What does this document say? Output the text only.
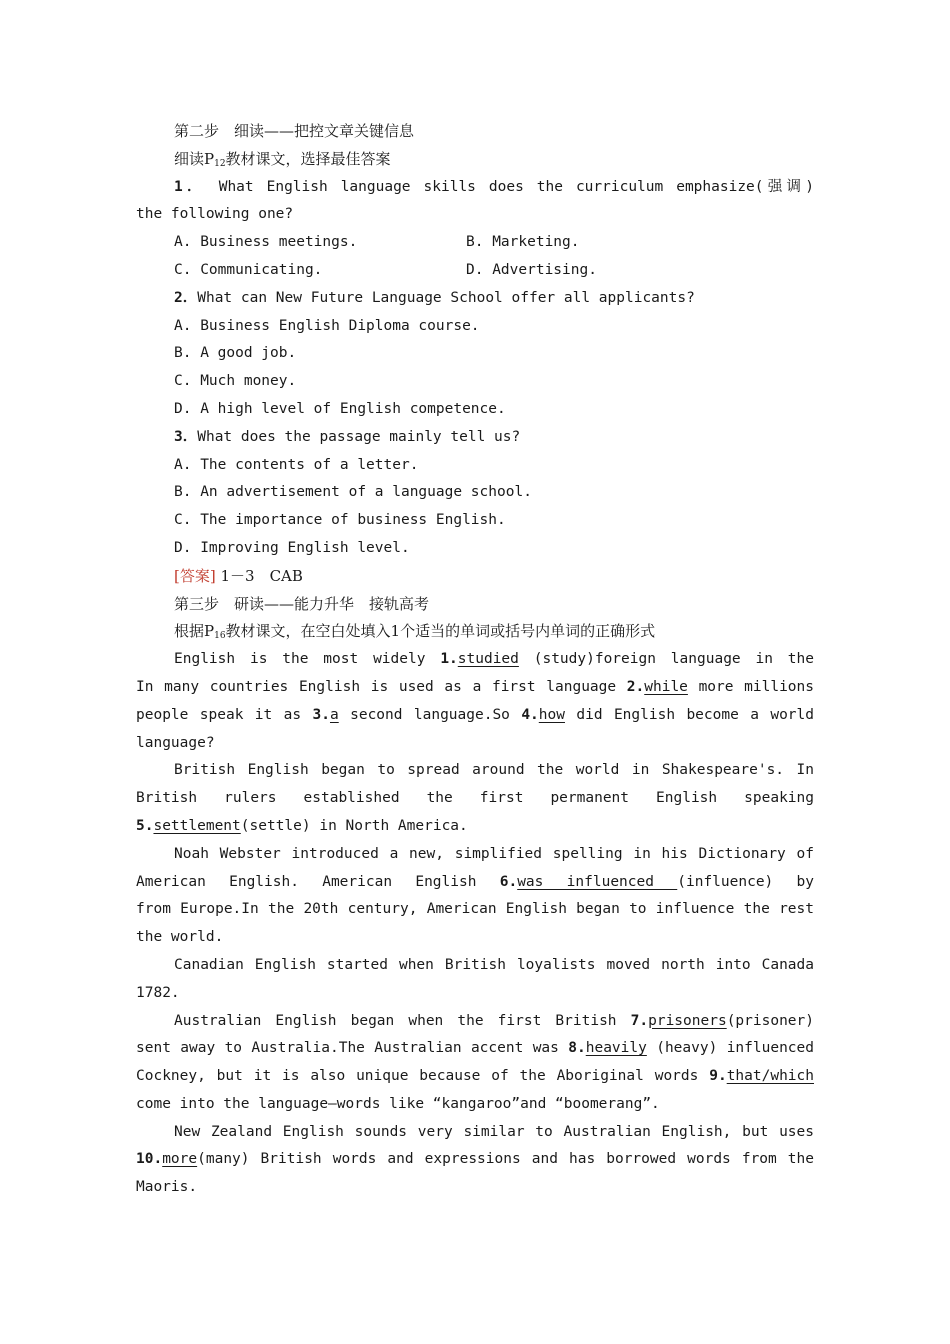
第二步　细读——把控文章关键信息
细读$P_{12}$教材课文，选择最佳答案
1． What English language skills does the curriculum emphasize(强调)
the following one?
A. Business meetings.	B. Marketing.
C. Communicating.	D. Advertising.
2．What can New Future Language School offer all applicants?
A. Business English Diploma course.
B. A good job.
C. Much money.
D. A high level of English competence.
3．What does the passage mainly tell us?
A. The contents of a letter.
B. An advertisement of a language school.
C. The importance of business English.
D. Improving English level.
[答案] 1－3　CAB
第三步　研读——能力升华　接轨高考
根据$P_{16}$教材课文，在空白处填入1个适当的单词或括号内单词的正确形式
English is the most widely 1.studied (study)foreign language in the
In many countries English is used as a first language 2.while more millions
people speak it as 3.a second language.So 4.how did English become a world
language?
British English began to spread around the world in Shakespeare's. In
British rulers established the first permanent English speaking
5.settlement(settle) in North America.
Noah Webster introduced a new, simplified spelling in his Dictionary of
American English. American English 6.was influenced (influence) by
from Europe.In the 20th century, American English began to influence the rest
the world.
Canadian English started when British loyalists moved north into Canada
1782.
Australian English began when the first British 7.prisoners(prisoner)
sent away to Australia.The Australian accent was 8.heavily (heavy) influenced
Cockney, but it is also unique because of the Aboriginal words 9.that/which
come into the language—words like “kangaroo”and “boomerang”.
New Zealand English sounds very similar to Australian English, but uses
10.more(many) British words and expressions and has borrowed words from the
Maoris.
